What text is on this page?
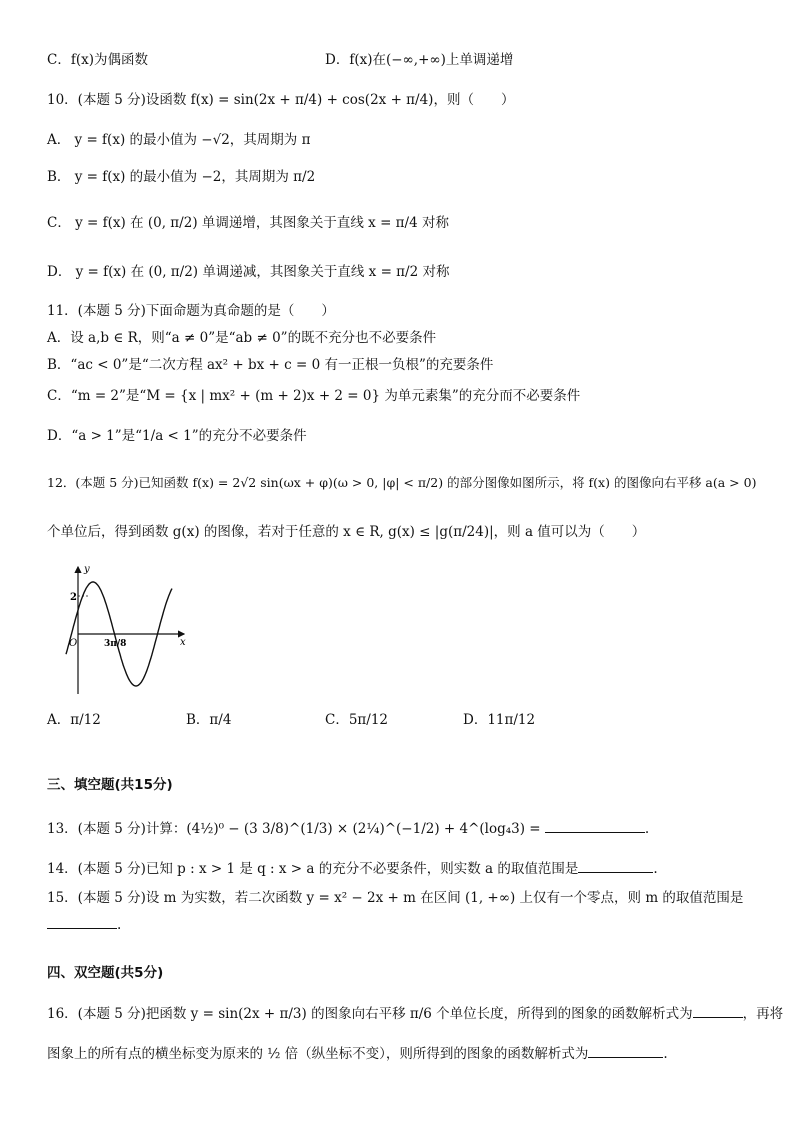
C．f(x)为偶函数	D．f(x)在(−∞,+∞)上单调递增
10．(本题 5 分)设函数 f(x) = sin(2x + π/4) + cos(2x + π/4)，则（　　）
A． y = f(x) 的最小值为 −√2，其周期为 π
B． y = f(x) 的最小值为 −2，其周期为 π/2
C． y = f(x) 在 (0, π/2) 单调递增，其图象关于直线 x = π/4 对称
D． y = f(x) 在 (0, π/2) 单调递减，其图象关于直线 x = π/2 对称
11．(本题 5 分)下面命题为真命题的是（　　）
A．设 a,b ∈ R，则“a ≠ 0”是“ab ≠ 0”的既不充分也不必要条件
B．“ac < 0”是“二次方程 ax² + bx + c = 0 有一正根一负根”的充要条件
C．“m = 2”是“M = {x | mx² + (m + 2)x + 2 = 0} 为单元素集”的充分而不必要条件
D．“a > 1”是“1/a < 1”的充分不必要条件
12．(本题 5 分)已知函数 f(x) = 2√2 sin(ωx + φ)(ω > 0, |φ| < π/2) 的部分图像如图所示，将 f(x) 的图像向右平移 a(a > 0)
个单位后，得到函数 g(x) 的图像，若对于任意的 x ∈ R, g(x) ≤ |g(π/24)|，则 a 值可以为（　　）
y
x
O
2
3π/8
A．π/12	B．π/4	C．5π/12	D．11π/12
三、填空题(共15分)
13．(本题 5 分)计算：(4½)⁰ − (3 3/8)^(1/3) × (2¼)^(−1/2) + 4^(log₄3) =	.
14．(本题 5 分)已知 p : x > 1 是 q : x > a 的充分不必要条件，则实数 a 的取值范围是	.
15．(本题 5 分)设 m 为实数，若二次函数 y = x² − 2x + m 在区间 (1, +∞) 上仅有一个零点，则 m 的取值范围是
.
四、双空题(共5分)
16．(本题 5 分)把函数 y = sin(2x + π/3) 的图象向右平移 π/6 个单位长度，所得到的图象的函数解析式为	，再将
图象上的所有点的横坐标变为原来的 ½ 倍（纵坐标不变），则所得到的图象的函数解析式为	.
